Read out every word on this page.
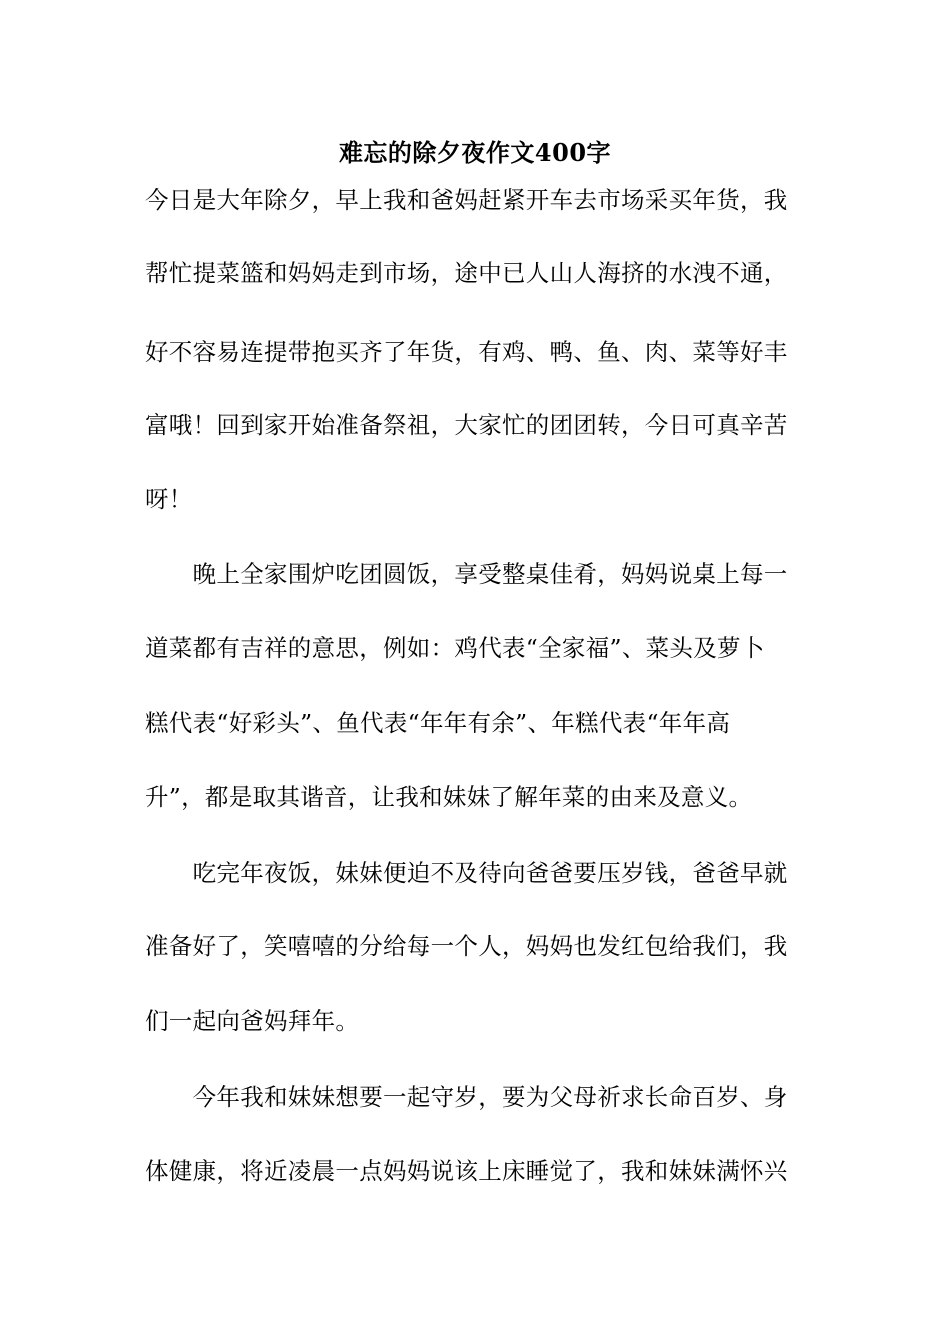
难忘的除夕夜作文400字
今日是大年除夕，早上我和爸妈赶紧开车去市场采买年货，我
帮忙提菜篮和妈妈走到市场，途中已人山人海挤的水洩不通，
好不容易连提带抱买齐了年货，有鸡、鸭、鱼、肉、菜等好丰
富哦！回到家开始准备祭祖，大家忙的团团转，今日可真辛苦
呀！
　　晚上全家围炉吃团圆饭，享受整桌佳肴，妈妈说桌上每一
道菜都有吉祥的意思，例如：鸡代表“全家福”、菜头及萝卜
糕代表“好彩头”、鱼代表“年年有余”、年糕代表“年年高
升”，都是取其谐音，让我和妹妹了解年菜的由来及意义。
　　吃完年夜饭，妹妹便迫不及待向爸爸要压岁钱，爸爸早就
准备好了，笑嘻嘻的分给每一个人，妈妈也发红包给我们，我
们一起向爸妈拜年。
　　今年我和妹妹想要一起守岁，要为父母祈求长命百岁、身
体健康，将近凌晨一点妈妈说该上床睡觉了，我和妹妹满怀兴
